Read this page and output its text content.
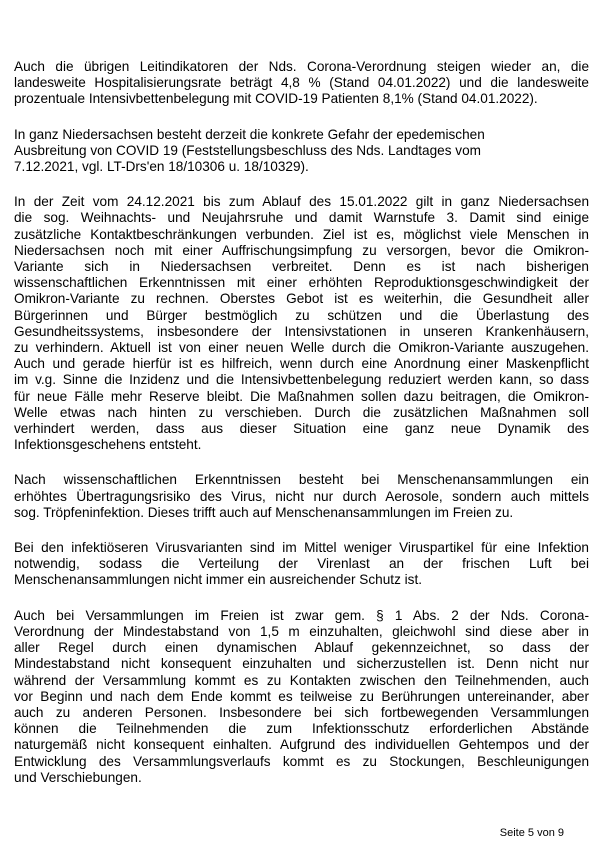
Auch die übrigen Leitindikatoren der Nds. Corona-Verordnung steigen wieder an, die
landesweite Hospitalisierungsrate beträgt 4,8 % (Stand 04.01.2022) und die landesweite
prozentuale Intensivbettenbelegung mit COVID-19 Patienten 8,1% (Stand 04.01.2022).

In ganz Niedersachsen besteht derzeit die konkrete Gefahr der epedemischen
Ausbreitung von COVID 19 (Feststellungsbeschluss des Nds. Landtages vom
7.12.2021, vgl. LT-Drs'en 18/10306 u. 18/10329).

In der Zeit vom 24.12.2021 bis zum Ablauf des 15.01.2022 gilt in ganz Niedersachsen
die sog. Weihnachts- und Neujahrsruhe und damit Warnstufe 3. Damit sind einige
zusätzliche Kontaktbeschränkungen verbunden. Ziel ist es, möglichst viele Menschen in
Niedersachsen noch mit einer Auffrischungsimpfung zu versorgen, bevor die Omikron-
Variante sich in Niedersachsen verbreitet. Denn es ist nach bisherigen
wissenschaftlichen Erkenntnissen mit einer erhöhten Reproduktionsgeschwindigkeit der
Omikron-Variante zu rechnen. Oberstes Gebot ist es weiterhin, die Gesundheit aller
Bürgerinnen und Bürger bestmöglich zu schützen und die Überlastung des
Gesundheitssystems, insbesondere der Intensivstationen in unseren Krankenhäusern,
zu verhindern. Aktuell ist von einer neuen Welle durch die Omikron-Variante auszugehen.
Auch und gerade hierfür ist es hilfreich, wenn durch eine Anordnung einer Maskenpflicht
im v.g. Sinne die Inzidenz und die Intensivbettenbelegung reduziert werden kann, so dass
für neue Fälle mehr Reserve bleibt. Die Maßnahmen sollen dazu beitragen, die Omikron-
Welle etwas nach hinten zu verschieben. Durch die zusätzlichen Maßnahmen soll
verhindert werden, dass aus dieser Situation eine ganz neue Dynamik des
Infektionsgeschehens entsteht.

Nach wissenschaftlichen Erkenntnissen besteht bei Menschenansammlungen ein
erhöhtes Übertragungsrisiko des Virus, nicht nur durch Aerosole, sondern auch mittels
sog. Tröpfeninfektion. Dieses trifft auch auf Menschenansammlungen im Freien zu.

Bei den infektiöseren Virusvarianten sind im Mittel weniger Viruspartikel für eine Infektion
notwendig, sodass die Verteilung der Virenlast an der frischen Luft bei
Menschenansammlungen nicht immer ein ausreichender Schutz ist.

Auch bei Versammlungen im Freien ist zwar gem. § 1 Abs. 2 der Nds. Corona-
Verordnung der Mindestabstand von 1,5 m einzuhalten, gleichwohl sind diese aber in
aller Regel durch einen dynamischen Ablauf gekennzeichnet, so dass der
Mindestabstand nicht konsequent einzuhalten und sicherzustellen ist. Denn nicht nur
während der Versammlung kommt es zu Kontakten zwischen den Teilnehmenden, auch
vor Beginn und nach dem Ende kommt es teilweise zu Berührungen untereinander, aber
auch zu anderen Personen. Insbesondere bei sich fortbewegenden Versammlungen
können die Teilnehmenden die zum Infektionsschutz erforderlichen Abstände
naturgemäß nicht konsequent einhalten. Aufgrund des individuellen Gehtempos und der
Entwicklung des Versammlungsverlaufs kommt es zu Stockungen, Beschleunigungen
und Verschiebungen.

Seite 5 von 9
